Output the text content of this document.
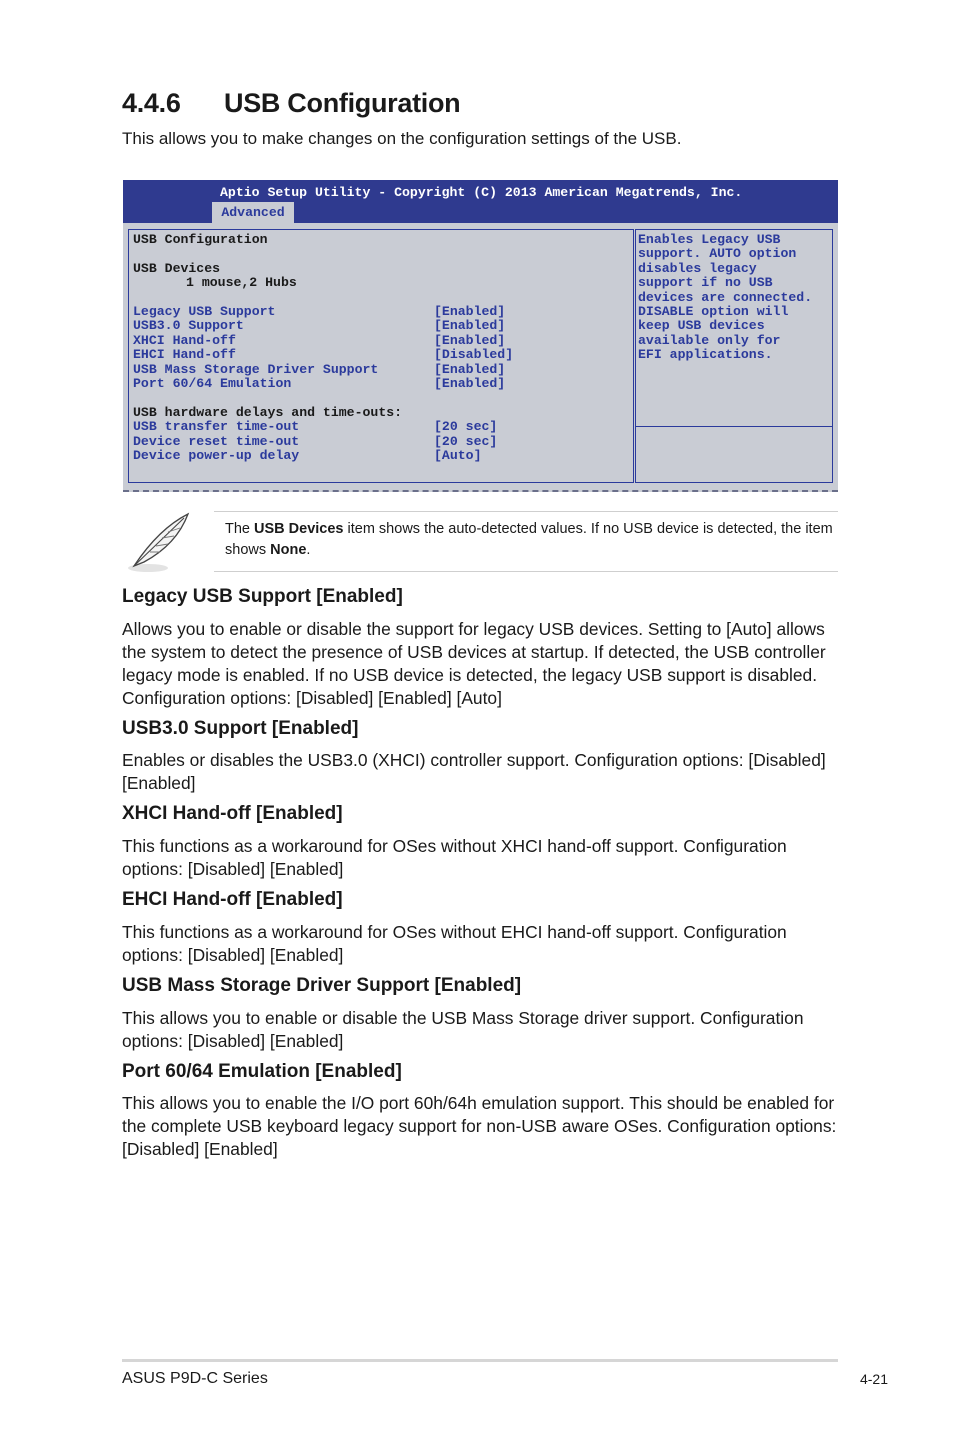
4.4.6 USB Configuration

This allows you to make changes on the configuration settings of the USB.

Aptio Setup Utility - Copyright (C) 2013 American Megatrends, Inc.
Advanced
USB Configuration
USB Devices
1 mouse,2 Hubs
Legacy USB Support	[Enabled]
USB3.0 Support	[Enabled]
XHCI Hand-off	[Enabled]
EHCI Hand-off	[Disabled]
USB Mass Storage Driver Support	[Enabled]
Port 60/64 Emulation	[Enabled]
USB hardware delays and time-outs:
USB transfer time-out	[20 sec]
Device reset time-out	[20 sec]
Device power-up delay	[Auto]
Enables Legacy USB
support. AUTO option
disables legacy
support if no USB
devices are connected.
DISABLE option will
keep USB devices
available only for
EFI applications.

The USB Devices item shows the auto-detected values. If no USB device is detected, the item shows None.

Legacy USB Support [Enabled]

Allows you to enable or disable the support for legacy USB devices. Setting to [Auto] allows the system to detect the presence of USB devices at startup. If detected, the USB controller legacy mode is enabled. If no USB device is detected, the legacy USB support is disabled. Configuration options: [Disabled] [Enabled] [Auto]

USB3.0 Support [Enabled]

Enables or disables the USB3.0 (XHCI) controller support. Configuration options: [Disabled] [Enabled]

XHCI Hand-off [Enabled]

This functions as a workaround for OSes without XHCI hand-off support. Configuration options: [Disabled] [Enabled]

EHCI Hand-off [Enabled]

This functions as a workaround for OSes without EHCI hand-off support. Configuration options: [Disabled] [Enabled]

USB Mass Storage Driver Support [Enabled]

This allows you to enable or disable the USB Mass Storage driver support. Configuration options: [Disabled] [Enabled]

Port 60/64 Emulation [Enabled]

This allows you to enable the I/O port 60h/64h emulation support. This should be enabled for the complete USB keyboard legacy support for non-USB aware OSes. Configuration options: [Disabled] [Enabled]

ASUS P9D-C Series	4-21
